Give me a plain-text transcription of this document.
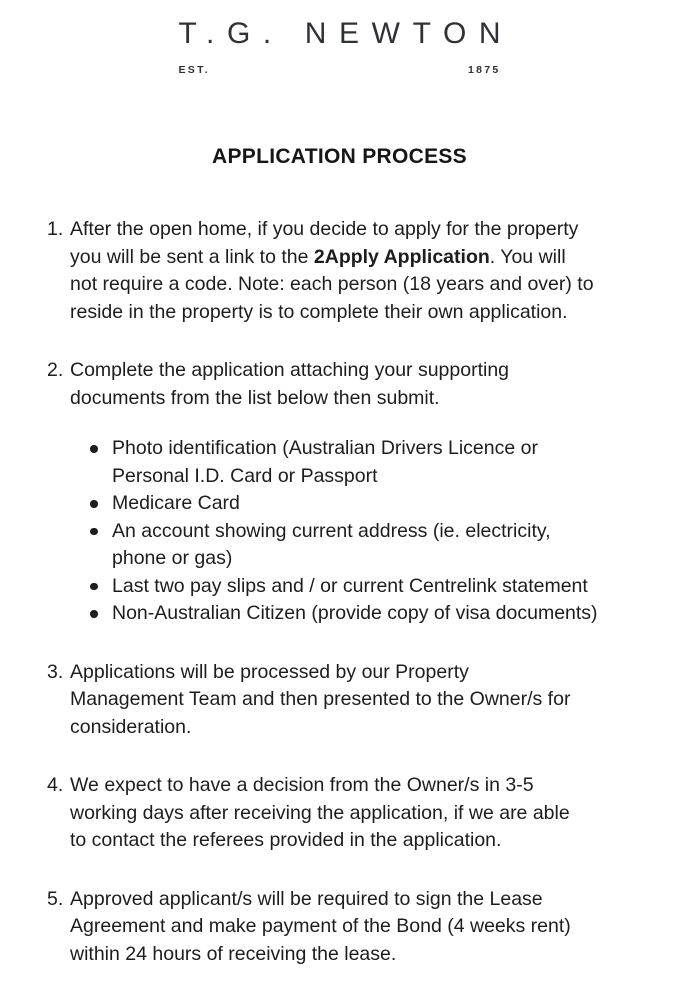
T.G. NEWTON
EST.	1875
APPLICATION PROCESS
1. After the open home, if you decide to apply for the property
you will be sent a link to the 2Apply Application. You will
not require a code. Note: each person (18 years and over) to
reside in the property is to complete their own application.
2. Complete the application attaching your supporting
documents from the list below then submit.
Photo identification (Australian Drivers Licence or
Personal I.D. Card or Passport
Medicare Card
An account showing current address (ie. electricity,
phone or gas)
Last two pay slips and / or current Centrelink statement
Non-Australian Citizen (provide copy of visa documents)
3. Applications will be processed by our Property
Management Team and then presented to the Owner/s for
consideration.
4. We expect to have a decision from the Owner/s in 3-5
working days after receiving the application, if we are able
to contact the referees provided in the application.
5. Approved applicant/s will be required to sign the Lease
Agreement and make payment of the Bond (4 weeks rent)
within 24 hours of receiving the lease.
